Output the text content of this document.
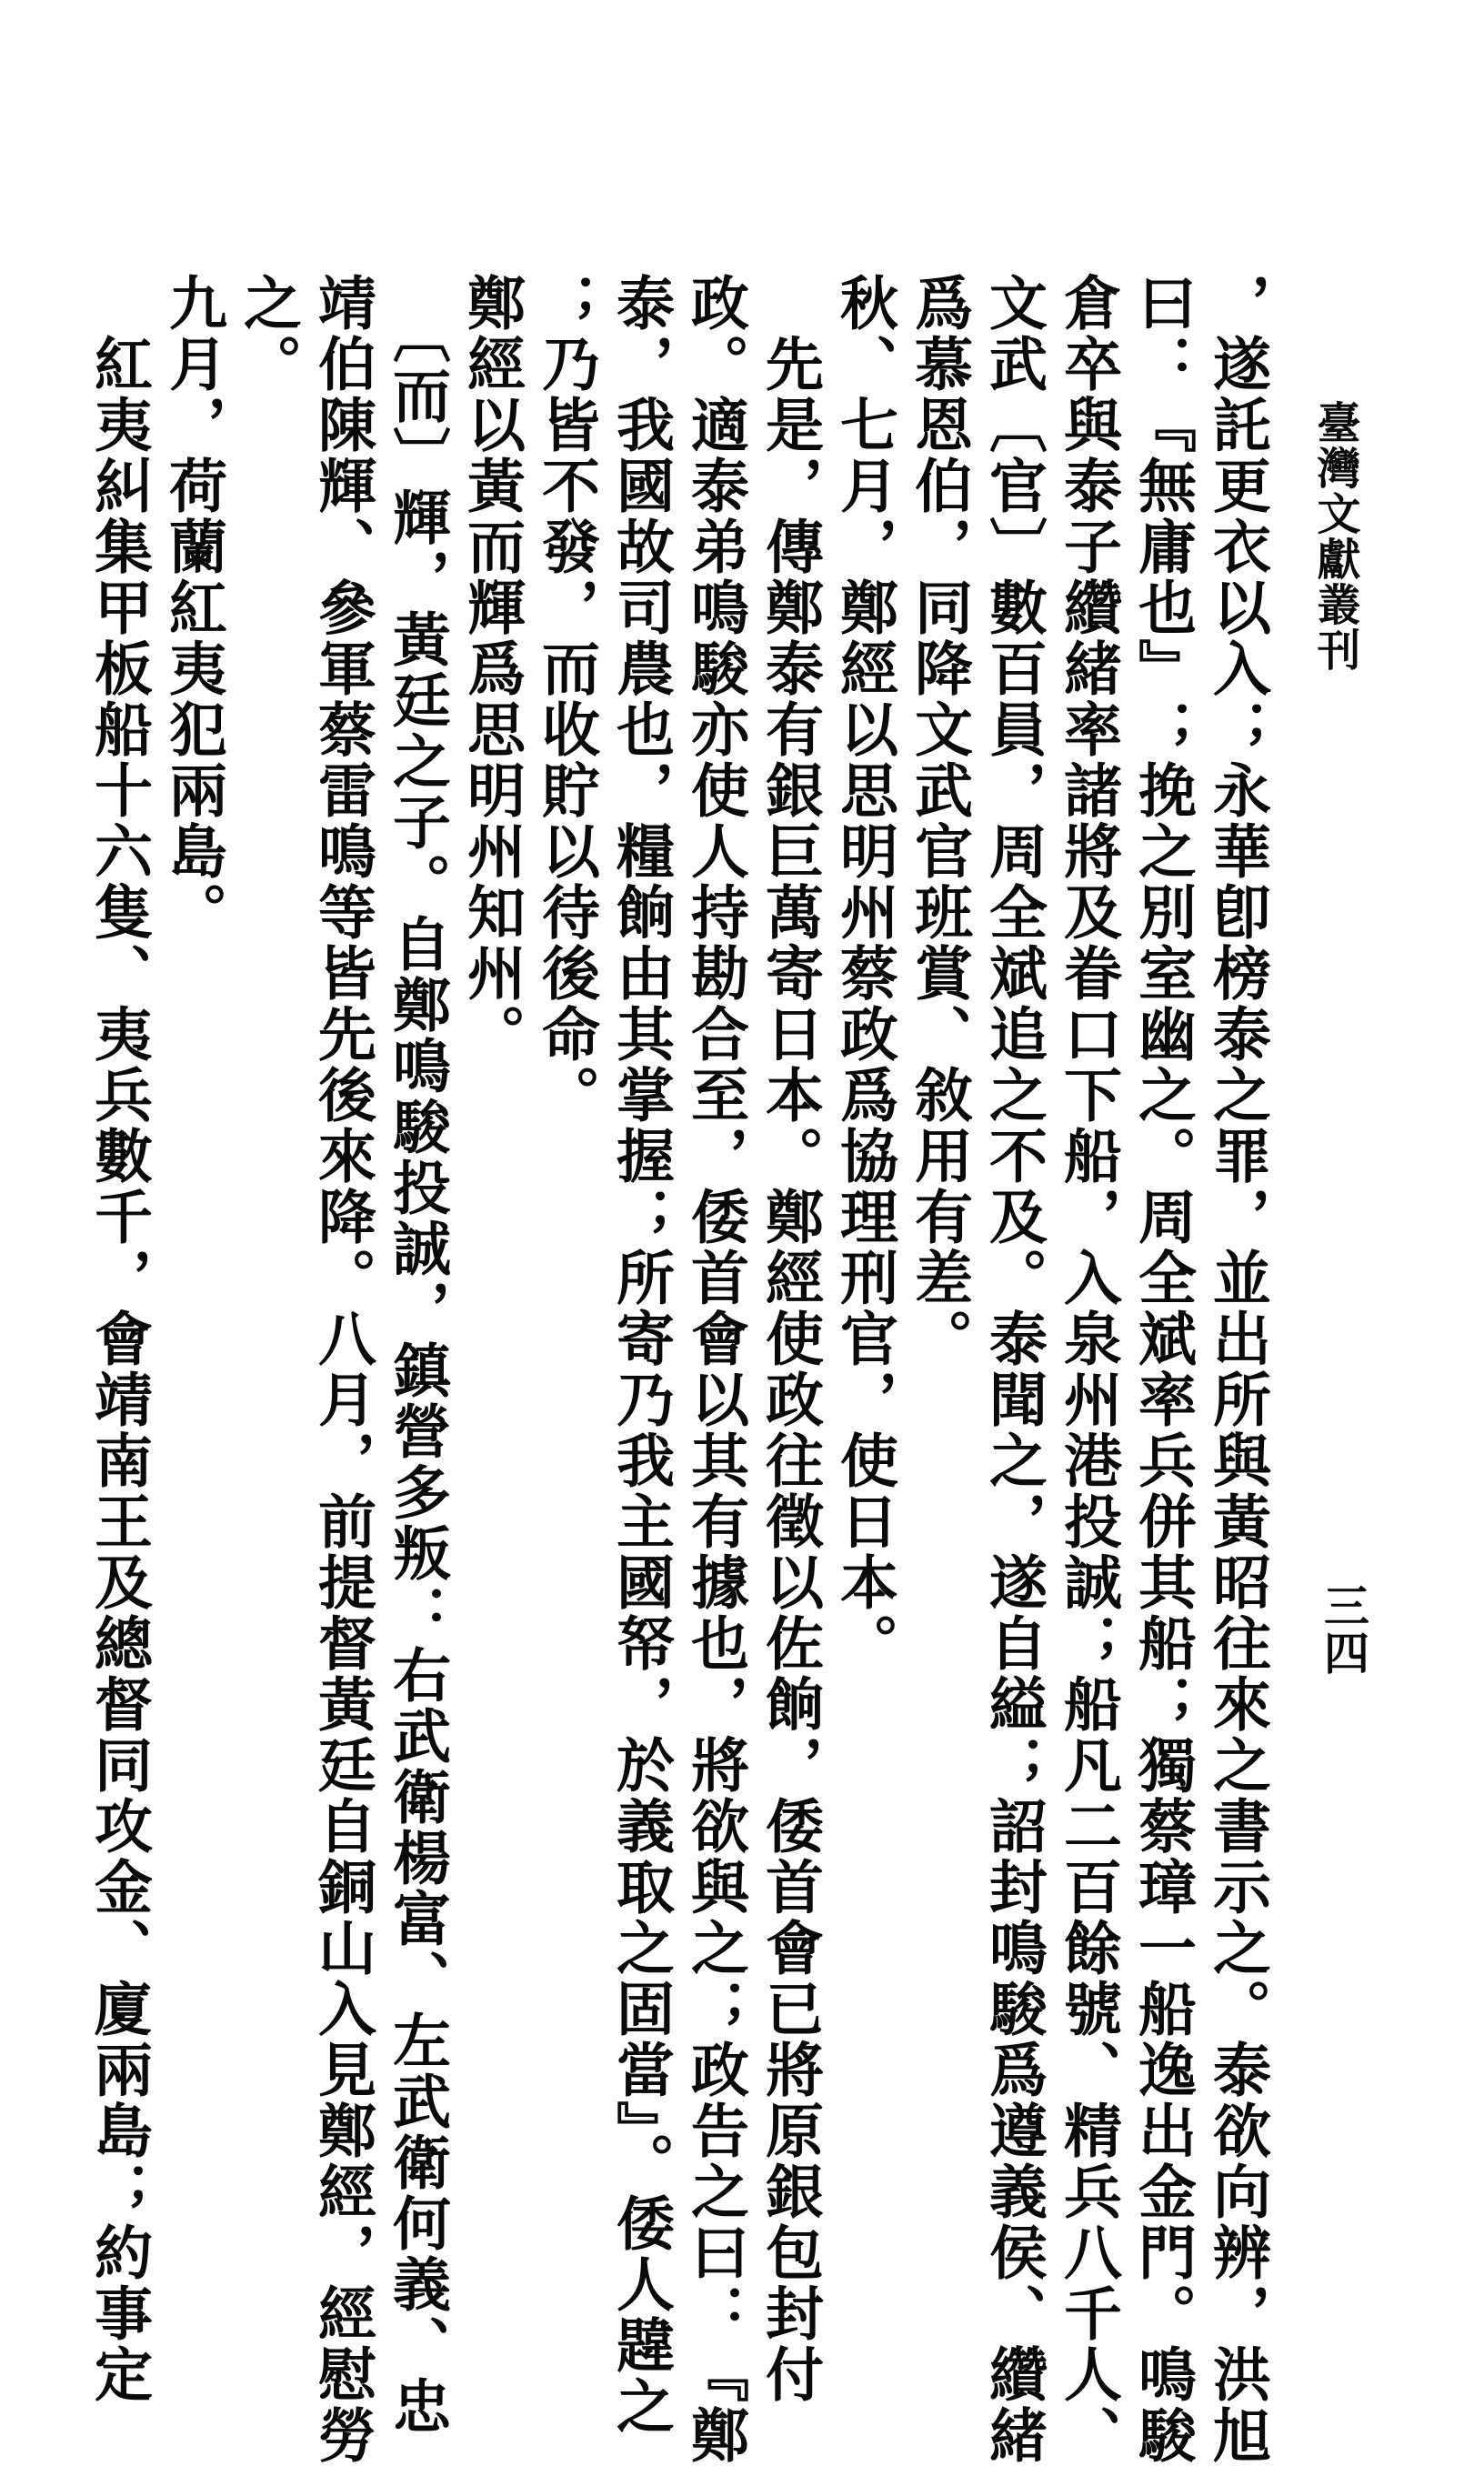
臺灣文獻叢刊
三四
，遂託更衣以入；永華卽榜泰之罪，並出所與黃昭往來之書示之。泰欲向辨，洪旭
曰：『無庸也』；挽之別室幽之。周全斌率兵併其船；獨蔡璋一船逸出金門。鳴駿
倉卒與泰子纘緒率諸將及眷口下船，入泉州港投誠；船凡二百餘號、精兵八千人、
文武〔官〕數百員，周全斌追之不及。泰聞之，遂自縊；詔封鳴駿爲遵義侯、纘緒
爲慕恩伯，同降文武官班賞、敘用有差。
秋、七月，鄭經以思明州蔡政爲協理刑官，使日本。
　先是，傳鄭泰有銀巨萬寄日本。鄭經使政往徵以佐餉，倭首會已將原銀包封付
政。適泰弟鳴駿亦使人持勘合至，倭首會以其有據也，將欲與之；政告之曰：『鄭
泰，我國故司農也，糧餉由其掌握；所寄乃我主國帑，於義取之固當』。倭人韙之
；乃皆不發，而收貯以待後命。
鄭經以黃而輝爲思明州知州。
　〔而〕輝，黃廷之子。自鄭鳴駿投誠，鎮營多叛：右武衛楊富、左武衛何義、忠
靖伯陳輝、參軍蔡雷鳴等皆先後來降。八月，前提督黃廷自銅山入見鄭經，經慰勞
之。
九月，荷蘭紅夷犯兩島。
　紅夷糾集甲板船十六隻、夷兵數千，會靖南王及總督同攻金、廈兩島；約事定
